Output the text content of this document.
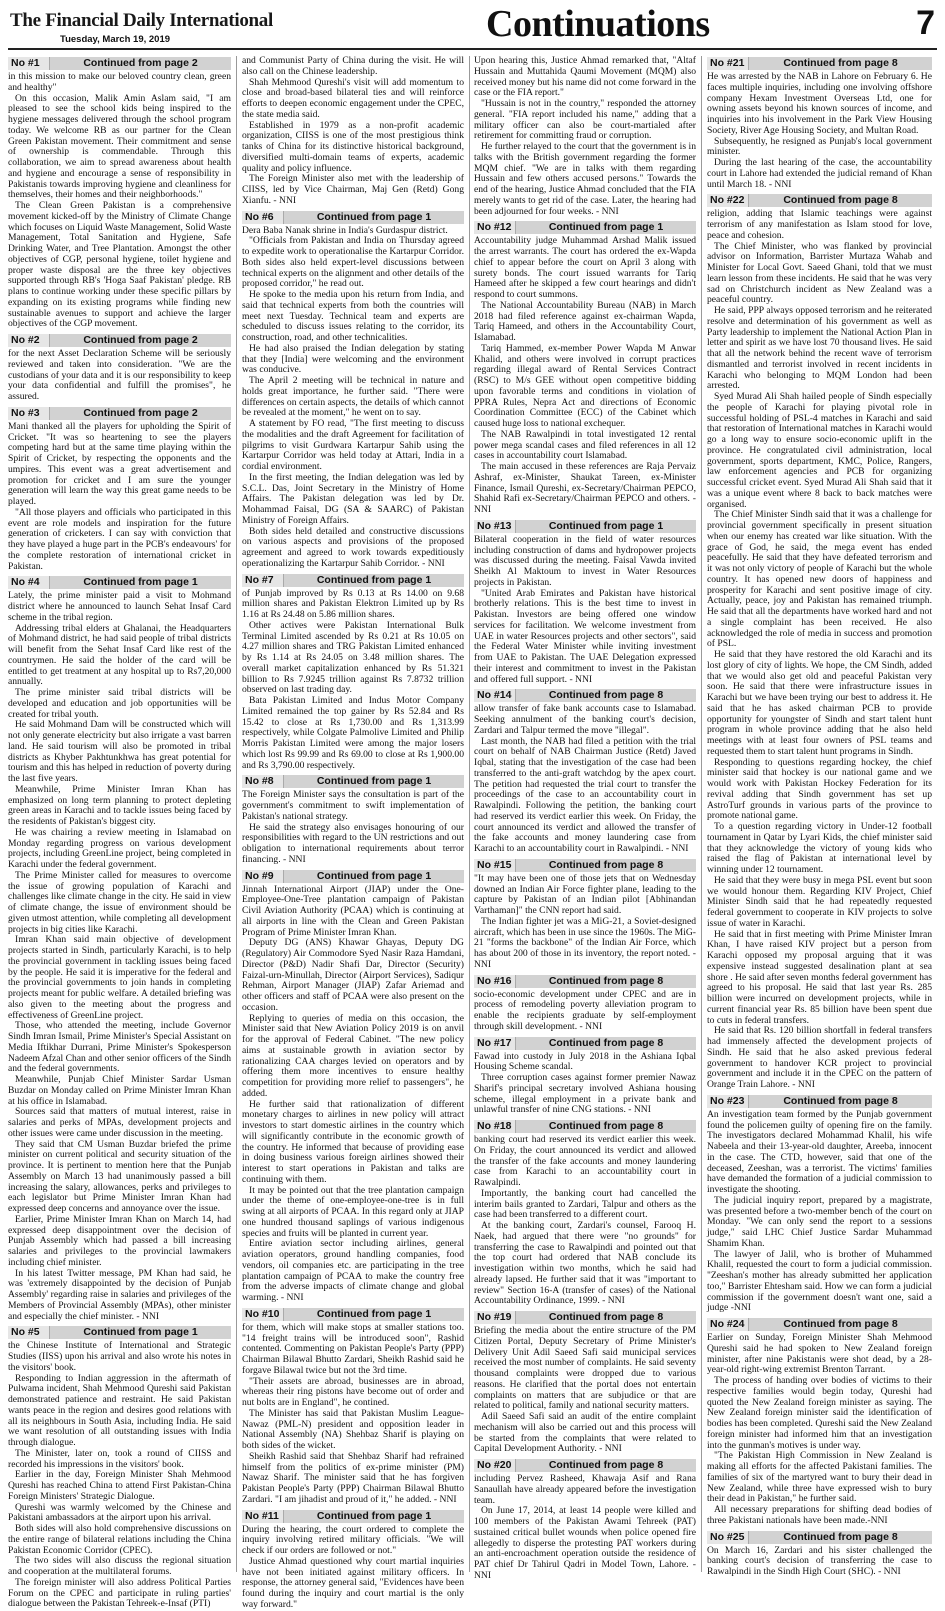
The Financial Daily International
Tuesday, March 19, 2019	Continuations	7
No #1	Continued from page 2

in this mission to make our beloved country clean, green and healthy"

On this occasion, Malik Amin Aslam said, "I am pleased to see the school kids being inspired to the hygiene messages delivered through the school program today. We welcome RB as our partner for the Clean Green Pakistan movement. Their commitment and sense of ownership is commendable. Through this collaboration, we aim to spread awareness about health and hygiene and encourage a sense of responsibility in Pakistanis towards improving hygiene and cleanliness for themselves, their homes and their neighborhoods."

The Clean Green Pakistan is a comprehensive movement kicked-off by the Ministry of Climate Change which focuses on Liquid Waste Management, Solid Waste Management, Total Sanitation and Hygiene, Safe Drinking Water, and Tree Plantation. Amongst the other objectives of CGP, personal hygiene, toilet hygiene and proper waste disposal are the three key objectives supported through RB's 'Hoga Saaf Pakistan' pledge. RB plans to continue working under these specific pillars by expanding on its existing programs while finding new sustainable avenues to support and achieve the larger objectives of the CGP movement.

No #2	Continued from page 2

for the next Asset Declaration Scheme will be seriously reviewed and taken into consideration. "We are the custodians of your data and it is our responsibility to keep your data confidential and fulfill the promises", he assured.

No #3	Continued from page 2

Mani thanked all the players for upholding the Spirit of Cricket. "It was so heartening to see the players competing hard but at the same time playing within the Spirit of Cricket, by respecting the opponents and the umpires. This event was a great advertisement and promotion for cricket and I am sure the younger generation will learn the way this great game needs to be played.

"All those players and officials who participated in this event are role models and inspiration for the future generation of cricketers. I can say with conviction that they have played a huge part in the PCB's endeavours' for the complete restoration of international cricket in Pakistan.

No #4	Continued from page 1

Lately, the prime minister paid a visit to Mohmand district where he announced to launch Sehat Insaf Card scheme in the tribal region.

Addressing tribal elders at Ghalanai, the Headquarters of Mohmand district, he had said people of tribal districts will benefit from the Sehat Insaf Card like rest of the countrymen. He said the holder of the card will be entitled to get treatment at any hospital up to Rs7,20,000 annually.

The prime minister said tribal districts will be developed and education and job opportunities will be created for tribal youth.

He said Mohmand Dam will be constructed which will not only generate electricity but also irrigate a vast barren land. He said tourism will also be promoted in tribal districts as Khyber Pakhtunkhwa has great potential for tourism and this has helped in reduction of poverty during the last five years.

Meanwhile, Prime Minister Imran Khan has emphasized on long term planning to protect depleting green areas in Karachi and to tackle issues being faced by the residents of Pakistan's biggest city.

He was chairing a review meeting in Islamabad on Monday regarding progress on various development projects, including GreenLine project, being completed in Karachi under the federal government.

The Prime Minister called for measures to overcome the issue of growing population of Karachi and challenges like climate change in the city. He said in view of climate change, the issue of environment should be given utmost attention, while completing all development projects in big cities like Karachi.

Imran Khan said main objective of development projects started in Sindh, particularly Karachi, is to help the provincial government in tackling issues being faced by the people. He said it is imperative for the federal and the provincial governments to join hands in completing projects meant for public welfare. A detailed briefing was also given to the meeting about the progress and effectiveness of GreenLine project.

Those, who attended the meeting, include Governor Sindh Imran Ismail, Prime Minister's Special Assistant on Media Iftikhar Durrani, Prime Minister's Spokesperson Nadeem Afzal Chan and other senior officers of the Sindh and the federal governments.

Meanwhile, Punjab Chief Minister Sardar Usman Buzdar on Monday called on Prime Minister Imran Khan at his office in Islamabad.

Sources said that matters of mutual interest, raise in salaries and perks of MPAs, development projects and other issues were came under discussion in the meeting.

They said that CM Usman Buzdar briefed the prime minister on current political and security situation of the province. It is pertinent to mention here that the Punjab Assembly on March 13 had unanimously passed a bill increasing the salary, allowances, perks and privileges to each legislator but Prime Minister Imran Khan had expressed deep concerns and annoyance over the issue.

Earlier, Prime Minister Imran Khan on March 14, had expressed deep disappointment over the decision of Punjab Assembly which had passed a bill increasing salaries and privileges to the provincial lawmakers including chief minister.

In his latest Twitter message, PM Khan had said, he was 'extremely disappointed by the decision of Punjab Assembly' regarding raise in salaries and privileges of the Members of Provincial Assembly (MPAs), other minister and especially the chief minister. - NNI

No #5	Continued from page 1

the Chinese Institute of International and Strategic Studies (IISS) upon his arrival and also wrote his notes in the visitors' book.

Responding to Indian aggression in the aftermath of Pulwama incident, Shah Mehmood Qureshi said Pakistan demonstrated patience and restraint. He said Pakistan wants peace in the region and desires good relations with all its neighbours in South Asia, including India. He said we want resolution of all outstanding issues with India through dialogue.

The Minister, later on, took a round of CIISS and recorded his impressions in the visitors' book.

Earlier in the day, Foreign Minister Shah Mehmood Qureshi has reached China to attend First Pakistan-China Foreign Ministers' Strategic Dialogue.

Qureshi was warmly welcomed by the Chinese and Pakistani ambassadors at the airport upon his arrival.

Both sides will also hold comprehensive discussions on the entire range of bilateral relations including the China Pakistan Economic Corridor (CPEC).

The two sides will also discuss the regional situation and cooperation at the multilateral forums.

The foreign minister will also address Political Parties Forum on the CPEC and participate in ruling parties' dialogue between the Pakistan Tehreek-e-Insaf (PTI)

and Communist Party of China during the visit. He will also call on the Chinese leadership.

Shah Mehmood Qureshi's visit will add momentum to close and broad-based bilateral ties and will reinforce efforts to deepen economic engagement under the CPEC, the state media said.

Established in 1979 as a non-profit academic organization, CIISS is one of the most prestigious think tanks of China for its distinctive historical background, diversified multi-domain teams of experts, academic quality and policy influence.

The Foreign Minister also met with the leadership of CIISS, led by Vice Chairman, Maj Gen (Retd) Gong Xianfu. - NNI

No #6	Continued from page 1

Dera Baba Nanak shrine in India's Gurdaspur district.

"Officials from Pakistan and India on Thursday agreed to expedite work to operationalise the Kartarpur Corridor. Both sides also held expert-level discussions between technical experts on the alignment and other details of the proposed corridor," he read out.

He spoke to the media upon his return from India, and said that technical experts from both the countries will meet next Tuesday. Technical team and experts are scheduled to discuss issues relating to the corridor, its construction, road, and other technicalities.

He had also praised the Indian delegation by stating that they [India] were welcoming and the environment was conducive.

The April 2 meeting will be technical in nature and holds great importance, he further said. "There were differences on certain aspects, the details of which cannot be revealed at the moment," he went on to say.

A statement by FO read, "The first meeting to discuss the modalities and the draft Agreement for facilitation of pilgrims to visit Gurdwara Kartarpur Sahib using the Kartarpur Corridor was held today at Attari, India in a cordial environment.

In the first meeting, the Indian delegation was led by S.C.L. Das, Joint Secretary in the Ministry of Home Affairs. The Pakistan delegation was led by Dr. Mohammad Faisal, DG (SA & SAARC) of Pakistan Ministry of Foreign Affairs.

Both sides held detailed and constructive discussions on various aspects and provisions of the proposed agreement and agreed to work towards expeditiously operationalizing the Kartarpur Sahib Corridor. - NNI

No #7	Continued from page 1

of Punjab improved by Rs 0.13 at Rs 14.00 on 9.68 million shares and Pakistan Elektron Limited up by Rs 1.16 at Rs 24.48 on 5.86 million shares.

Other actives were Pakistan International Bulk Terminal Limited ascended by Rs 0.21 at Rs 10.05 on 4.27 million shares and TRG Pakistan Limited enhanced by Rs 1.14 at Rs 24.05 on 3.48 million shares. The overall market capitalization enhanced by Rs 51.321 billion to Rs 7.9245 trillion against Rs 7.8732 trillion observed on last trading day.

Bata Pakistan Limited and Indus Motor Company Limited remained the top gainer by Rs 52.84 and Rs 15.42 to close at Rs 1,730.00 and Rs 1,313.99 respectively, while Colgate Palmolive Limited and Philip Morris Pakistan Limited were among the major losers which lost Rs 99.99 and Rs 69.00 to close at Rs 1,900.00 and Rs 3,790.00 respectively.

No #8	Continued from page 1

The Foreign Minister says the consultation is part of the government's commitment to swift implementation of Pakistan's national strategy.

He said the strategy also envisages honouring of our responsibilities with regard to the UN restrictions and out obligation to international requirements about terror financing. - NNI

No #9	Continued from page 1

Jinnah International Airport (JIAP) under the One-Employee-One-Tree plantation campaign of Pakistan Civil Aviation Authority (PCAA) which is continuing at all airports in line with the Clean and Green Pakistan Program of Prime Minister Imran Khan.

Deputy DG (ANS) Khawar Ghayas, Deputy DG (Regulatory) Air Commodore Syed Nasir Raza Hamdani, Director (P&D) Nadir Shafi Dar, Director (Security) Faizal-urn-Minullah, Director (Airport Services), Sadiqur Rehman, Airport Manager (JIAP) Zafar Ariemad and other officers and staff of PCAA were also present on the occasion.

Replying to queries of media on this occasion, the Minister said that New Aviation Policy 2019 is on anvil for the approval of Federal Cabinet. "The new policy aims at sustainable growth in aviation sector by rationalizing CAA charges levied on operators and by offering them more incentives to ensure healthy competition for providing more relief to passengers", he added.

He further said that rationalization of different monetary charges to airlines in new policy will attract investors to start domestic airlines in the country which will significantly contribute in the economic growth of the country. He informed that because of providing ease in doing business various foreign airlines showed their interest to start operations in Pakistan and talks are continuing with them.

It may be pointed out that the tree plantation campaign under the theme of one-employee-one-tree is in full swing at all airports of PCAA. In this regard only at JIAP one hundred thousand saplings of various indigenous species and fruits will be planted in current year.

Entire aviation sector including airlines, general aviation operators, ground handling companies, food vendors, oil companies etc. are participating in the tree plantation campaign of PCAA to make the country free from the adverse impacts of climate change and global warming. - NNI

No #10	Continued from page 1

for them, which will make stops at smaller stations too. "14 freight trains will be introduced soon", Rashid contented. Commenting on Pakistan People's Party (PPP) Chairman Bilawal Bhutto Zardari, Sheikh Rashid said he forgave Bilawal twice but not the 3rd time.

"Their assets are abroad, businesses are in abroad, whereas their ring pistons have become out of order and nut bolts are in England", he contined.

The Minister has said that Pakistan Muslim League-Nawaz (PML-N) president and opposition leader in National Assembly (NA) Shehbaz Sharif is playing on both sides of the wicket.

Sheikh Rashid said that Shehbaz Sharif had refrained himself from the politics of ex-prime minister (PM) Nawaz Sharif. The minister said that he has forgiven Pakistan People's Party (PPP) Chairman Bilawal Bhutto Zardari. "I am jihadist and proud of it," he added. - NNI

No #11	Continued from page 1

During the hearing, the court ordered to complete the inquiry involving retired military officials. "We will check if our orders are followed or not."

Justice Ahmad questioned why court martial inquiries have not been initiated against military officers. In response, the attorney general said, "Evidences have been found during the inquiry and court martial is the only way forward."

Upon hearing this, Justice Ahmad remarked that, "Altaf Hussain and Muttahida Qaumi Movement (MQM) also received money but his name did not come forward in the case or the FIA report."

"Hussain is not in the country," responded the attorney general. "FIA report included his name," adding that a military officer can also be court-martialed after retirement for committing fraud or corruption.

He further relayed to the court that the government is in talks with the British government regarding the former MQM chief. "We are in talks with them regarding Hussain and few others accused persons." Towards the end of the hearing, Justice Ahmad concluded that the FIA merely wants to get rid of the case. Later, the hearing had been adjourned for four weeks. - NNI

No #12	Continued from page 1

Accountability judge Muhammad Arshad Malik issued the arrest warrants. The court has ordered the ex-Wapda chief to appear before the court on April 3 along with surety bonds. The court issued warrants for Tariq Hameed after he skipped a few court hearings and didn't respond to court summons.

The National Accountability Bureau (NAB) in March 2018 had filed reference against ex-chairman Wapda, Tariq Hameed, and others in the Accountability Court, Islamabad.

Tariq Hammed, ex-member Power Wapda M Anwar Khalid, and others were involved in corrupt practices regarding illegal award of Rental Services Contract (RSC) to M/s GEE without open competitive bidding upon favorable terms and conditions in violation of PPRA Rules, Nepra Act and directions of Economic Coordination Committee (ECC) of the Cabinet which caused huge loss to national exchequer.

The NAB Rawalpindi in total investigated 12 rental power mega scandal cases and filed references in all 12 cases in accountability court Islamabad.

The main accused in these references are Raja Pervaiz Ashraf, ex-Minister, Shaukat Tareen, ex-Minister Finance, Ismail Qureshi, ex-Secretary/Chairman PEPCO, Shahid Rafi ex-Secretary/Chairman PEPCO and others. - NNI

No #13	Continued from page 1

Bilateral cooperation in the field of water resources including construction of dams and hydropower projects was discussed during the meeting. Faisal Vawda invited Sheikh Al Maktoum to invest in Water Resources projects in Pakistan.

"United Arab Emirates and Pakistan have historical brotherly relations. This is the best time to invest in Pakistan. Investors are being offered one window services for facilitation. We welcome investment from UAE in water Resources projects and other sectors", said the Federal Water Minister while inviting investment from UAE to Pakistan. The UAE Delegation expressed their interest and commitment to invest in the Pakistan and offered full support. - NNI

No #14	Continued from page 8

allow transfer of fake bank accounts case to Islamabad. Seeking annulment of the banking court's decision, Zardari and Talpur termed the move "illegal".

Last month, the NAB had filed a petition with the trial court on behalf of NAB Chairman Justice (Retd) Javed Iqbal, stating that the investigation of the case had been transferred to the anti-graft watchdog by the apex court. The petition had requested the trial court to transfer the proceedings of the case to an accountability court in Rawalpindi. Following the petition, the banking court had reserved its verdict earlier this week. On Friday, the court announced its verdict and allowed the transfer of the fake accounts and money laundering case from Karachi to an accountability court in Rawalpindi. - NNI

No #15	Continued from page 8

"It may have been one of those jets that on Wednesday downed an Indian Air Force fighter plane, leading to the capture by Pakistan of an Indian pilot [Abhinandan Varthaman]" the CNN report had said.

The Indian fighter jet was a MiG-21, a Soviet-designed aircraft, which has been in use since the 1960s. The MiG-21 "forms the backbone" of the Indian Air Force, which has about 200 of those in its inventory, the report noted. - NNI

No #16	Continued from page 8

socio-economic development under CPEC and are in process of remodeling poverty alleviation program to enable the recipients graduate by self-employment through skill development. - NNI

No #17	Continued from page 8

Fawad into custody in July 2018 in the Ashiana Iqbal Housing Scheme scandal.

Three corruption cases against former premier Nawaz Sharif's principal secretary involved Ashiana housing scheme, illegal employment in a private bank and unlawful transfer of nine CNG stations. - NNI

No #18	Continued from page 8

banking court had reserved its verdict earlier this week. On Friday, the court announced its verdict and allowed the transfer of the fake accounts and money laundering case from Karachi to an accountability court in Rawalpindi.

Importantly, the banking court had cancelled the interim bails granted to Zardari, Talpur and others as the case had been transferred to a different court.

At the banking court, Zardari's counsel, Farooq H. Naek, had argued that there were "no grounds" for transferring the case to Rawalpindi and pointed out that the top court had ordered that NAB conclude its investigation within two months, which he said had already lapsed. He further said that it was "important to review" Section 16-A (transfer of cases) of the National Accountability Ordinance, 1999. - NNI

No #19	Continued from page 8

Briefing the media about the entire structure of the PM Citizen Portal, Deputy Secretary of Prime Minister's Delivery Unit Adil Saeed Safi said municipal services received the most number of complaints. He said seventy thousand complaints were dropped due to various reasons. He clarified that the portal does not entertain complaints on matters that are subjudice or that are related to political, family and national security matters.

Adil Saeed Safi said an audit of the entire complaint mechanism will also be carried out and this process will be started from the complaints that were related to Capital Development Authority. - NNI

No #20	Continued from page 8

including Pervez Rasheed, Khawaja Asif and Rana Sanaullah have already appeared before the investigation team.

On June 17, 2014, at least 14 people were killed and 100 members of the Pakistan Awami Tehreek (PAT) sustained critical bullet wounds when police opened fire allegedly to disperse the protesting PAT workers during an anti-encroachment operation outside the residence of PAT chief Dr Tahirul Qadri in Model Town, Lahore. - NNI

No #21	Continued from page 8

He was arrested by the NAB in Lahore on February 6. He faces multiple inquiries, including one involving offshore company Hexam Investment Overseas Ltd, one for owning assets beyond his known sources of income, and inquiries into his involvement in the Park View Housing Society, River Age Housing Society, and Multan Road.

Subsequently, he resigned as Punjab's local government minister.

During the last hearing of the case, the accountability court in Lahore had extended the judicial remand of Khan until March 18. - NNI

No #22	Continued from page 8

religion, adding that Islamic teachings were against terrorism of any manifestation as Islam stood for love, peace and cohesion.

The Chief Minister, who was flanked by provincial advisor on Information, Barrister Murtaza Wahab and Minister for Local Govt. Saeed Ghani, told that we must learn lesson from these incidents. He said that he was very sad on Christchurch incident as New Zealand was a peaceful country.

He said, PPP always opposed terrorism and he reiterated resolve and determination of his government as well as Party leadership to implement the National Action Plan in letter and spirit as we have lost 70 thousand lives. He said that all the network behind the recent wave of terrorism dismantled and terrorist involved in recent incidents in Karachi who belonging to MQM London had been arrested.

Syed Murad Ali Shah hailed people of Sindh especially the people of Karachi for playing pivotal role in successful holding of PSL-4 matches in Karachi and said that restoration of International matches in Karachi would go a long way to ensure socio-economic uplift in the province. He congratulated civil administration, local government, sports department, KMC, Police, Rangers, law enforcement agencies and PCB for organizing successful cricket event. Syed Murad Ali Shah said that it was a unique event where 8 back to back matches were organised.

The Chief Minister Sindh said that it was a challenge for provincial government specifically in present situation when our enemy has created war like situation. With the grace of God, he said, the mega event has ended peacefully. He said that they have defeated terrorism and it was not only victory of people of Karachi but the whole country. It has opened new doors of happiness and prosperity for Karachi and sent positive image of city. Actually, peace, joy and Pakistan has remained triumph. He said that all the departments have worked hard and not a single complaint has been received. He also acknowledged the role of media in success and promotion of PSL.

He said that they have restored the old Karachi and its lost glory of city of lights. We hope, the CM Sindh, added that we would also get old and peaceful Pakistan very soon. He said that there were infrastructure issues in Karachi but we have been trying our best to address it. He said that he has asked chairman PCB to provide opportunity for youngster of Sindh and start talent hunt program in whole province adding that he also held meetings with at least four owners of PSL teams and requested them to start talent hunt programs in Sindh.

Responding to questions regarding hockey, the chief minister said that hockey is our national game and we would work with Pakistan Hockey Federation for its revival adding that Sindh government has set up AstroTurf grounds in various parts of the province to promote national game.

To a question regarding victory in Under-12 football tournament in Qatar by Lyari Kids, the chief minister said that they acknowledge the victory of young kids who raised the flag of Pakistan at international level by winning under 12 tournament.

He said that they were busy in mega PSL event but soon we would honour them. Regarding KIV Project, Chief Minister Sindh said that he had repeatedly requested federal government to cooperate in KIV projects to solve issue of water in Karachi.

He said that in first meeting with Prime Minister Imran Khan, I have raised KIV project but a person from Karachi opposed my proposal arguing that it was expensive instead suggested desalination plant at sea shore . He said after seven months federal government has agreed to his proposal. He said that last year Rs. 285 billion were incurred on development projects, while in current financial year Rs. 85 billion have been spent due to cuts in federal transfers.

He said that Rs. 120 billion shortfall in federal transfers had immensely affected the development projects of Sindh. He said that he also asked previous federal government to handover KCR project to provincial government and include it in the CPEC on the pattern of Orange Train Lahore. - NNI

No #23	Continued from page 8

An investigation team formed by the Punjab government found the policemen guilty of opening fire on the family. The investigators declared Mohammad Khalil, his wife Nabeela and their 13-year-old daughter, Areeba, innocent in the case. The CTD, however, said that one of the deceased, Zeeshan, was a terrorist. The victims' families have demanded the formation of a judicial commission to investigate the shooting.

The judicial inquiry report, prepared by a magistrate, was presented before a two-member bench of the court on Monday. "We can only send the report to a sessions judge," said LHC Chief Justice Sardar Muhammad Shamim Khan.

The lawyer of Jalil, who is brother of Muhammed Khalil, requested the court to form a judicial commission. "Zeeshan's mother has already submitted her application too," Barrister Ehtesham said. How we can form a judicial commission if the government doesn't want one, said a judge -NNI

No #24	Continued from page 8

Earlier on Sunday, Foreign Minister Shah Mehmood Qureshi said he had spoken to New Zealand foreign minister, after nine Pakistanis were shot dead, by a 28-year-old right-wing extremist Brenton Tarrant.

The process of handing over bodies of victims to their respective families would begin today, Qureshi had quoted the New Zealand foreign minister as saying. The New Zealand foreign minister said the identification of bodies has been completed. Qureshi said the New Zealand foreign minister had informed him that an investigation into the gunman's motives is under way.

"The Pakistan High Commission in New Zealand is making all efforts for the affected Pakistani families. The families of six of the martyred want to bury their dead in New Zealand, while three have expressed wish to bury their dead in Pakistan," he further said.

All necessary preparations for shifting dead bodies of three Pakistani nationals have been made.-NNI

No #25	Continued from page 8

On March 16, Zardari and his sister challenged the banking court's decision of transferring the case to Rawalpindi in the Sindh High Court (SHC). - NNI
